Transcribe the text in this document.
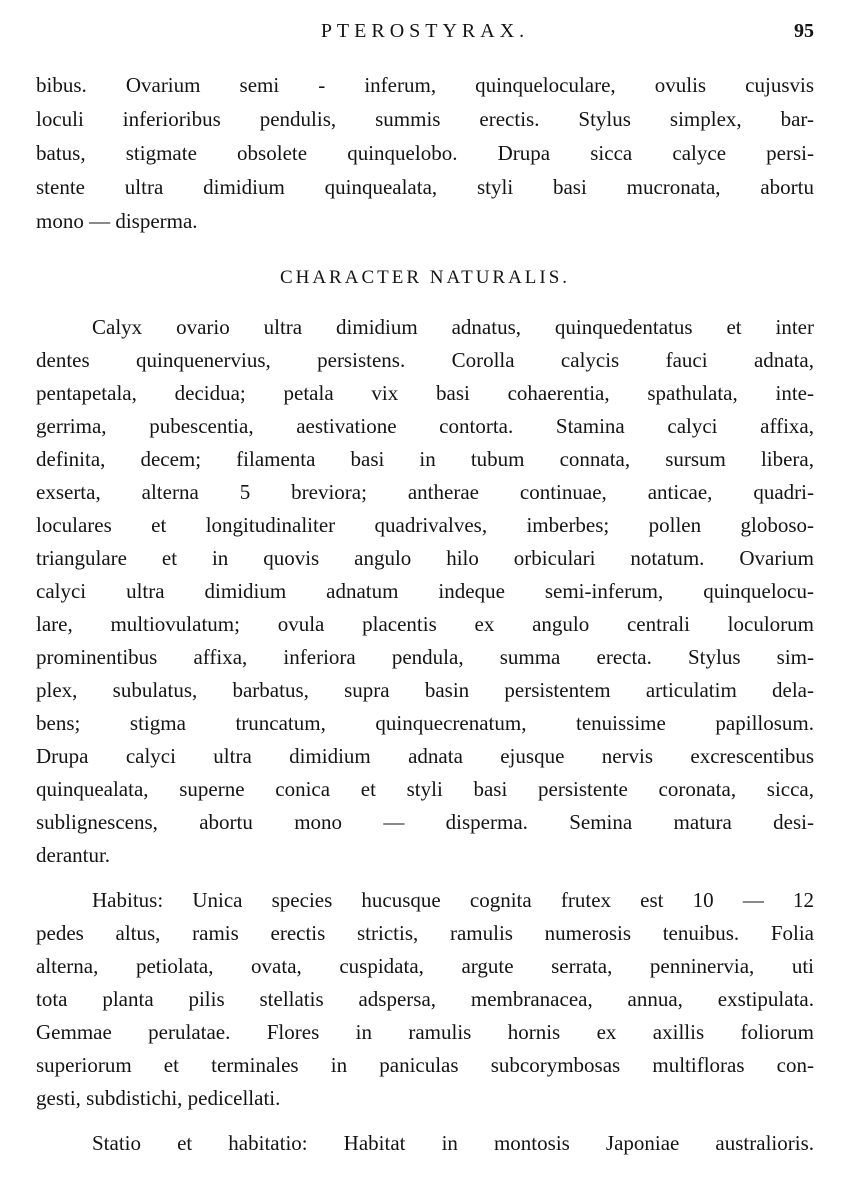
PTEROSTYRAX.	95
bibus. Ovarium semi - inferum, quinqueloculare, ovulis cujusvis
loculi inferioribus pendulis, summis erectis. Stylus simplex, bar-
batus, stigmate obsolete quinquelobo. Drupa sicca calyce persi-
stente ultra dimidium quinquealata, styli basi mucronata, abortu
mono — disperma.
CHARACTER NATURALIS.
Calyx ovario ultra dimidium adnatus, quinquedentatus et inter
dentes quinquenervius, persistens. Corolla calycis fauci adnata,
pentapetala, decidua; petala vix basi cohaerentia, spathulata, inte-
gerrima, pubescentia, aestivatione contorta. Stamina calyci affixa,
definita, decem; filamenta basi in tubum connata, sursum libera,
exserta, alterna 5 breviora; antherae continuae, anticae, quadri-
loculares et longitudinaliter quadrivalves, imberbes; pollen globoso-
triangulare et in quovis angulo hilo orbiculari notatum. Ovarium
calyci ultra dimidium adnatum indeque semi-inferum, quinquelocu-
lare, multiovulatum; ovula placentis ex angulo centrali loculorum
prominentibus affixa, inferiora pendula, summa erecta. Stylus sim-
plex, subulatus, barbatus, supra basin persistentem articulatim dela-
bens; stigma truncatum, quinquecrenatum, tenuissime papillosum.
Drupa calyci ultra dimidium adnata ejusque nervis excrescentibus
quinquealata, superne conica et styli basi persistente coronata, sicca,
sublignescens, abortu mono — disperma. Semina matura desi-
derantur.
Habitus: Unica species hucusque cognita frutex est 10 — 12
pedes altus, ramis erectis strictis, ramulis numerosis tenuibus. Folia
alterna, petiolata, ovata, cuspidata, argute serrata, penninervia, uti
tota planta pilis stellatis adspersa, membranacea, annua, exstipulata.
Gemmae perulatae. Flores in ramulis hornis ex axillis foliorum
superiorum et terminales in paniculas subcorymbosas multifloras con-
gesti, subdistichi, pedicellati.
Statio et habitatio: Habitat in montosis Japoniae australioris.
